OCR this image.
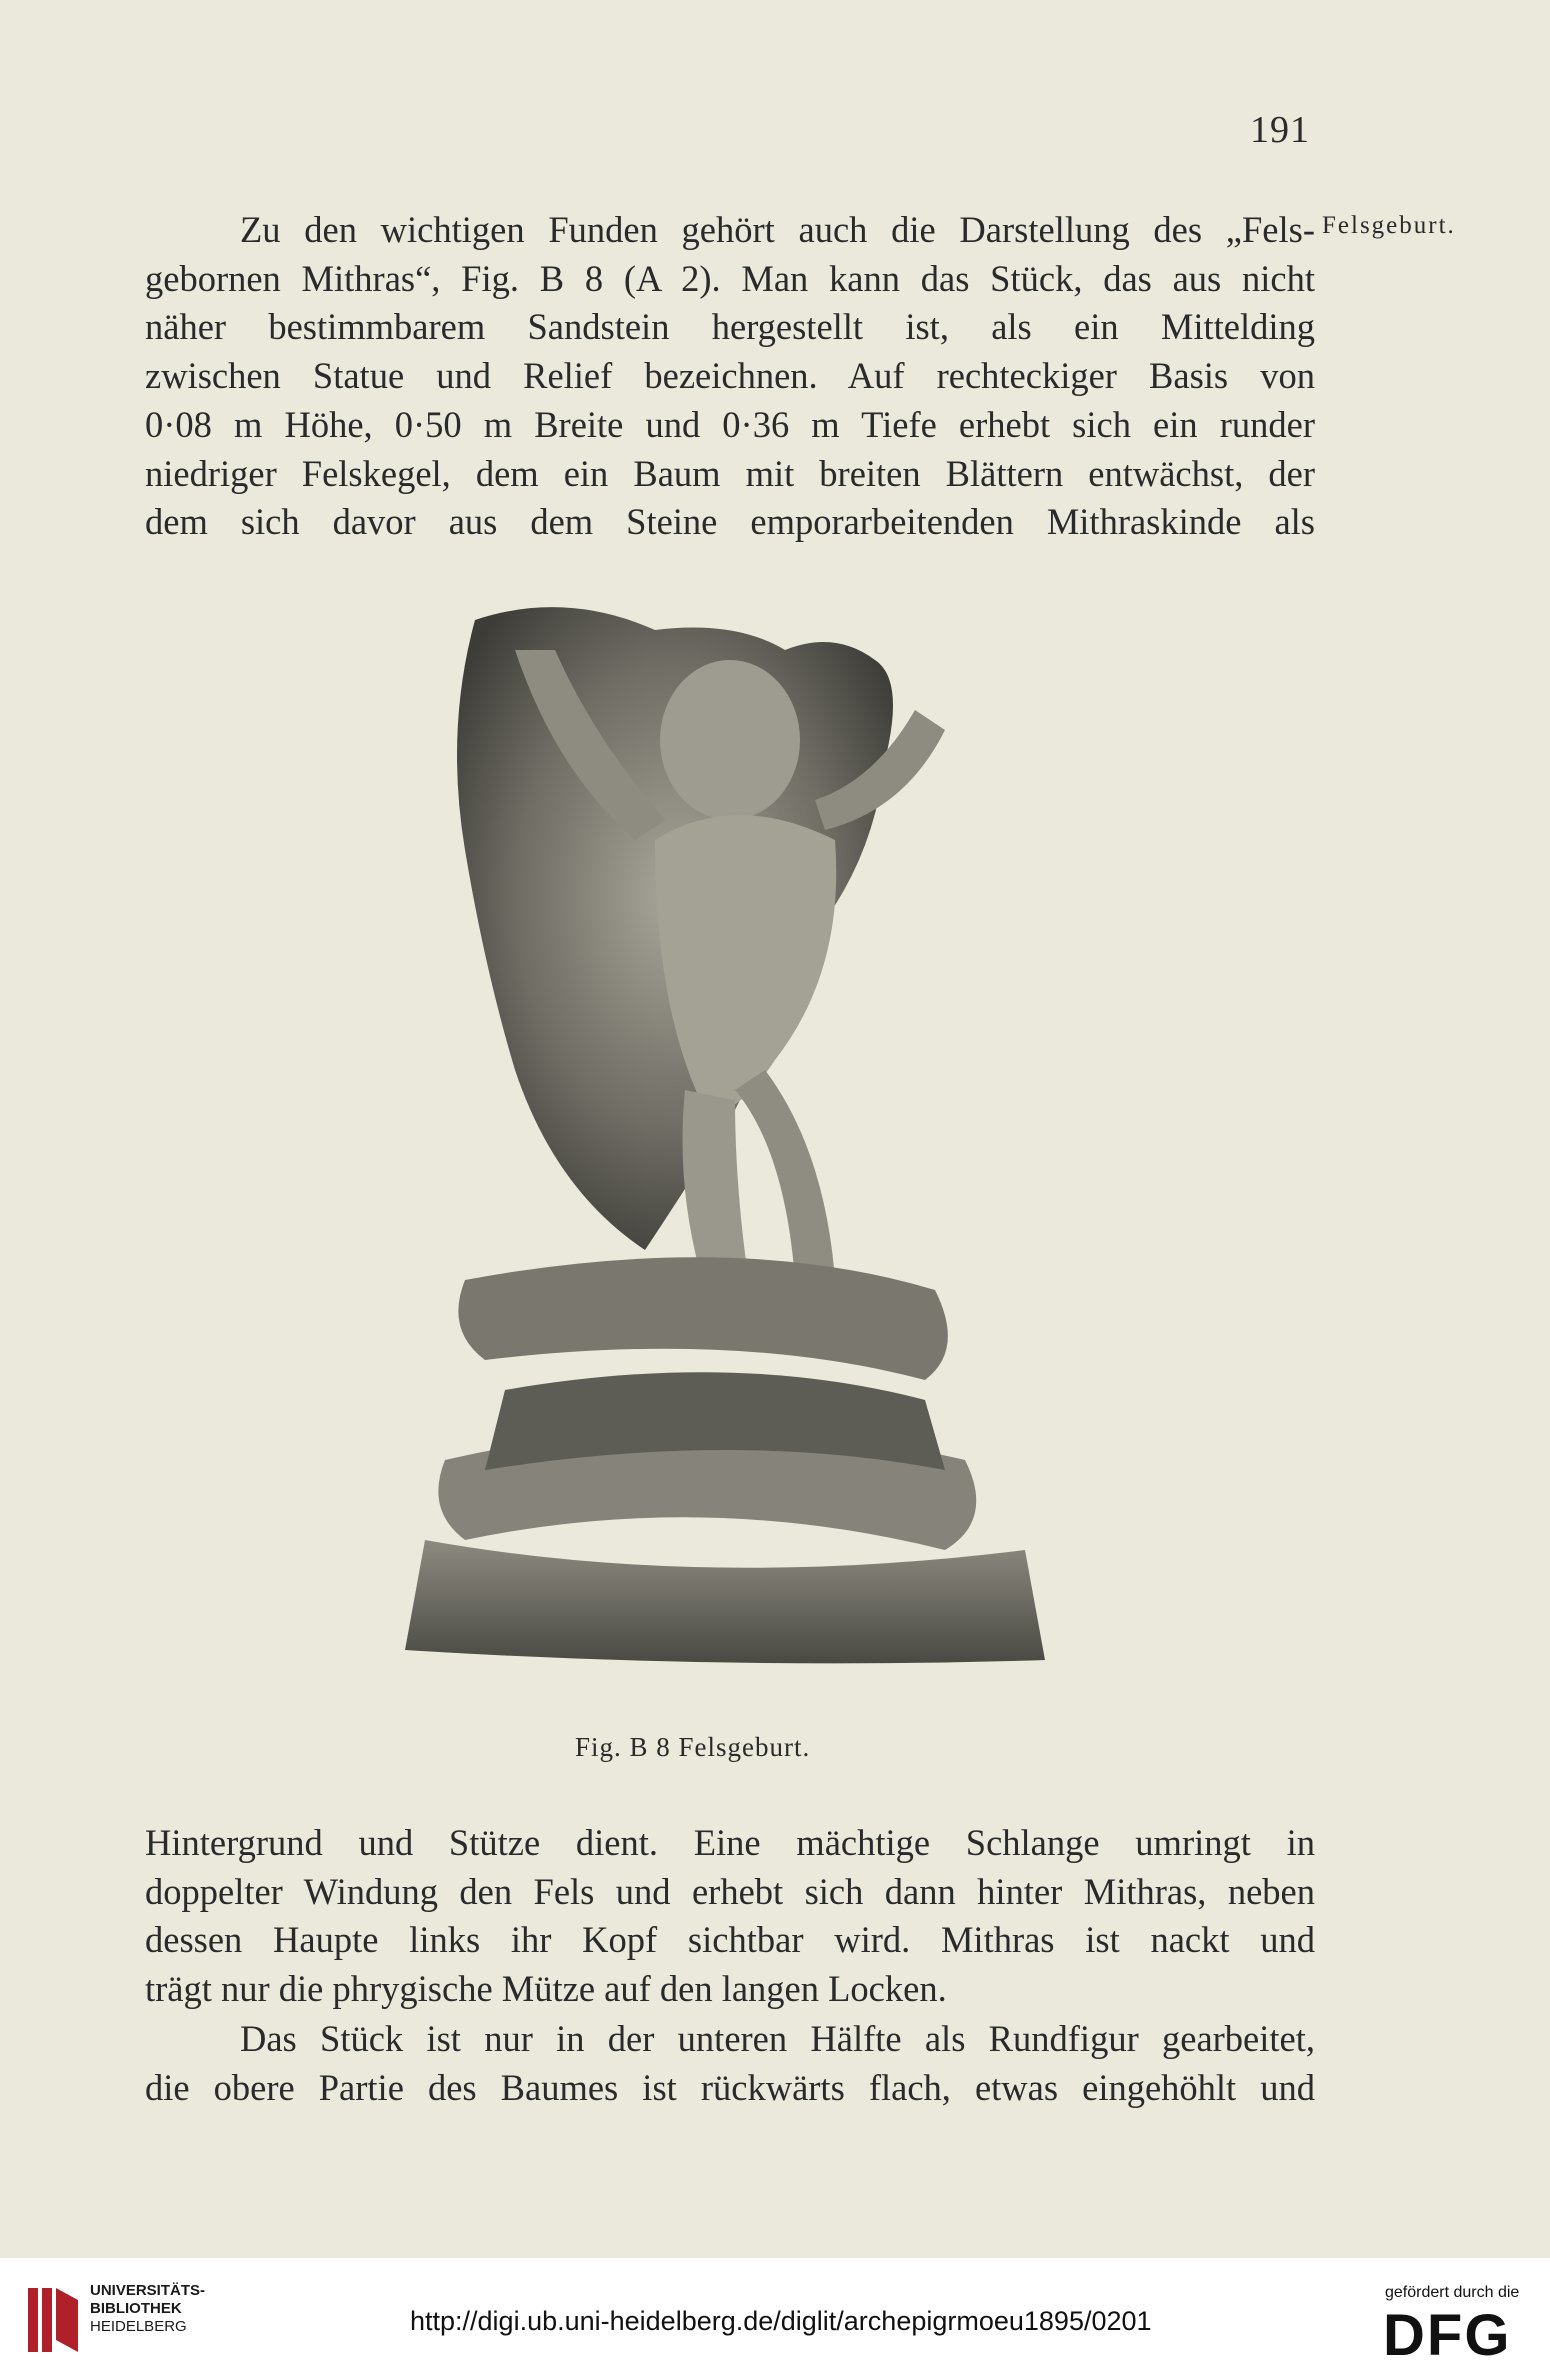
191
Felsgeburt.

Zu den wichtigen Funden gehört auch die Darstellung des „Fels-
gebornen Mithras“, Fig. B 8 (A 2). Man kann das Stück, das aus nicht
näher bestimmbarem Sandstein hergestellt ist, als ein Mittelding
zwischen Statue und Relief bezeichnen. Auf rechteckiger Basis von
0·08 m Höhe, 0·50 m Breite und 0·36 m Tiefe erhebt sich ein runder
niedriger Felskegel, dem ein Baum mit breiten Blättern entwächst, der
dem sich davor aus dem Steine emporarbeitenden Mithraskinde als

Fig. B 8 Felsgeburt.

Hintergrund und Stütze dient. Eine mächtige Schlange umringt in
doppelter Windung den Fels und erhebt sich dann hinter Mithras, neben
dessen Haupte links ihr Kopf sichtbar wird. Mithras ist nackt und
trägt nur die phrygische Mütze auf den langen Locken.

Das Stück ist nur in der unteren Hälfte als Rundfigur gearbeitet,
die obere Partie des Baumes ist rückwärts flach, etwas eingehöhlt und

UNIVERSITÄTS-
BIBLIOTHEK
HEIDELBERG	http://digi.ub.uni-heidelberg.de/diglit/archepigrmoeu1895/0201
gefördert durch die
DFG
